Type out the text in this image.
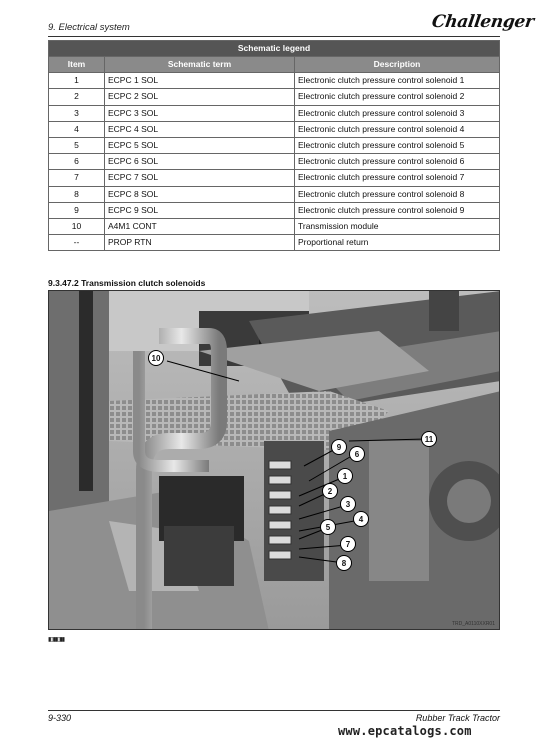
9. Electrical system	Challenger
Schematic legend		
Item	Schematic term	Description
1	ECPC 1 SOL	Electronic clutch pressure control solenoid 1
2	ECPC 2 SOL	Electronic clutch pressure control solenoid 2
3	ECPC 3 SOL	Electronic clutch pressure control solenoid 3
4	ECPC 4 SOL	Electronic clutch pressure control solenoid 4
5	ECPC 5 SOL	Electronic clutch pressure control solenoid 5
6	ECPC 6 SOL	Electronic clutch pressure control solenoid 6
7	ECPC 7 SOL	Electronic clutch pressure control solenoid 7
8	ECPC 8 SOL	Electronic clutch pressure control solenoid 8
9	ECPC 9 SOL	Electronic clutch pressure control solenoid 9
10	A4M1 CONT	Transmission module
--	PROP RTN	Proportional return
9.3.47.2 Transmission clutch solenoids
10
9
6
11
1
2
3
4
5
7
8
TRD_A0110XXR01
▮▯▮▮▯▮▮
9-330	Rubber Track Tractor
www.epcatalogs.com
